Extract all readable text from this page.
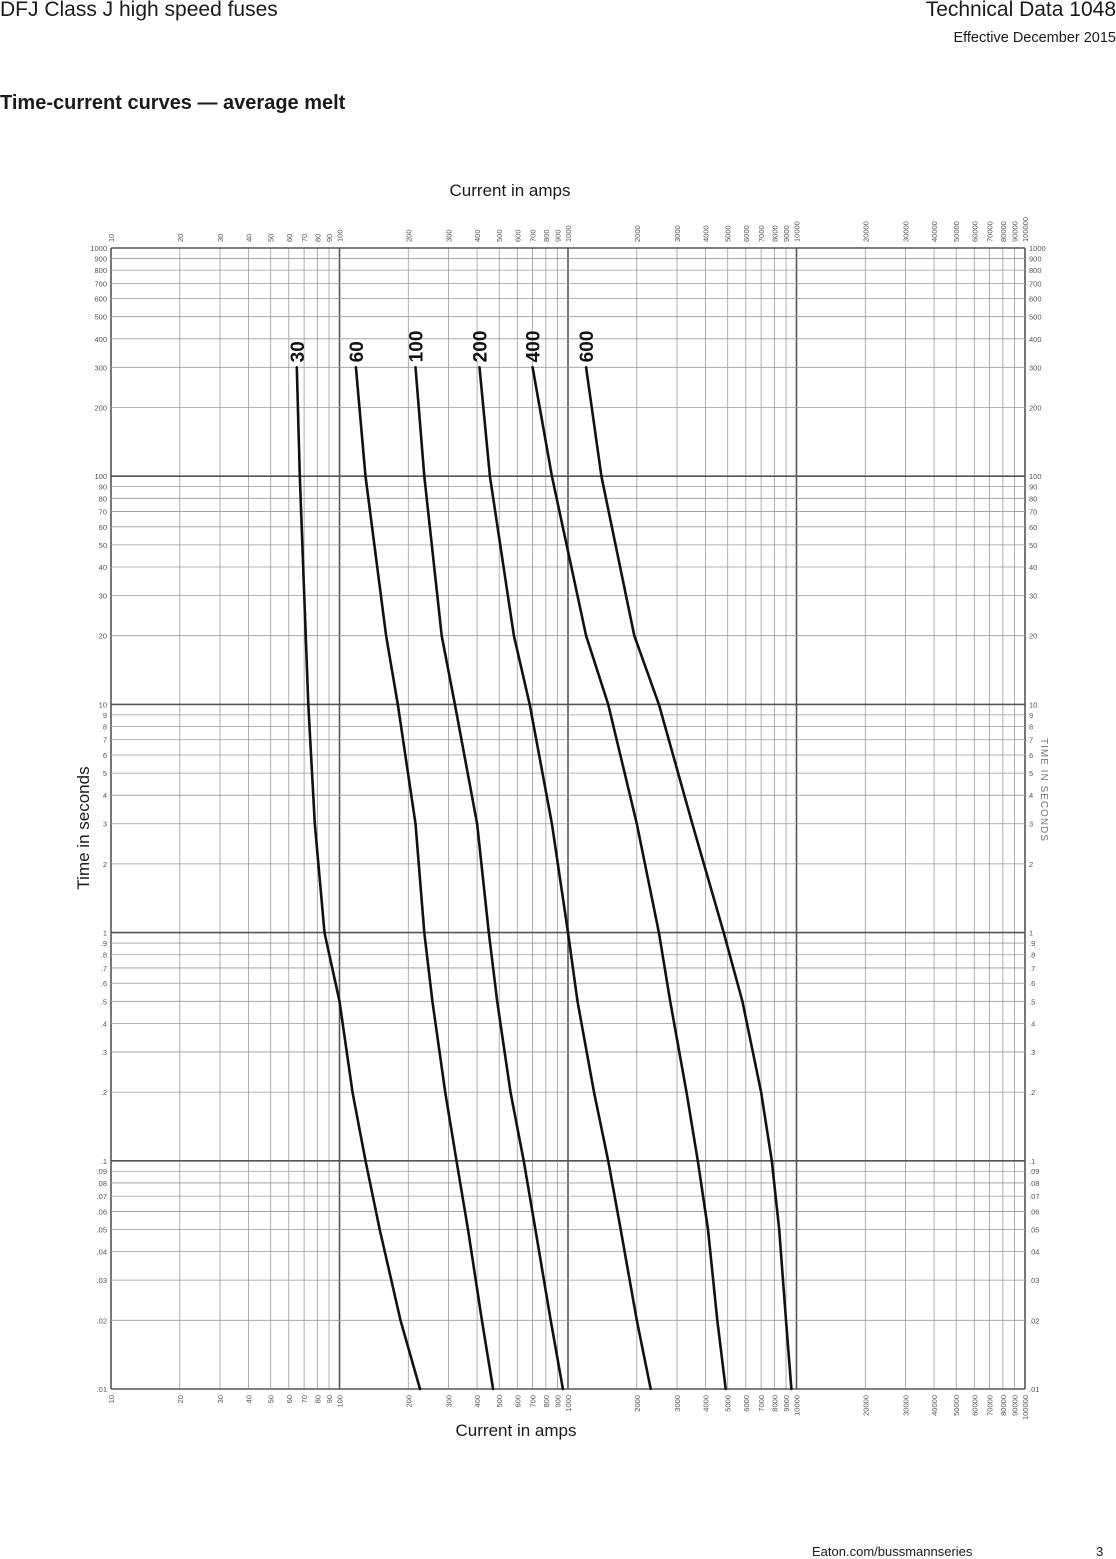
DFJ Class J high speed fuses	Technical Data 1048
Effective December 2015
Time-current curves — average melt
10
10
20
20
30
30
40
40
50
50
60
60
70
70
80
80
90
90
100
100
200
200
300
300
400
400
500
500
600
600
700
700
800
800
900
900
1000
1000
2000
2000
3000
3000
4000
4000
5000
5000
6000
6000
7000
7000
8000
8000
9000
9000
10000
10000
20000
20000
30000
30000
40000
40000
50000
50000
60000
60000
70000
70000
80000
80000
90000
90000
100000
100000
1000
900
800
700
600
500
400
300
200
100
90
80
70
60
50
40
30
20
10
9
8
7
6
5
4
3
2
1
.9
.8
.7
.6
.5
.4
.3
.2
.1
.09
.08
.07
.06
.05
.04
.03
.02
.01
1000
900
800
700
600
500
400
300
200
100
90
80
70
60
50
40
30
20
10
9
8
7
6
5
4
3
2
1
.9
.8
.7
.6
.5
.4
.3
.2
.1
.09
.08
.07
.06
.05
.04
.03
.02
.01
30 60 100 200 400 600
Current in amps
Current in amps
Time in seconds	TIME IN SECONDS
Eaton.com/bussmannseries	3
